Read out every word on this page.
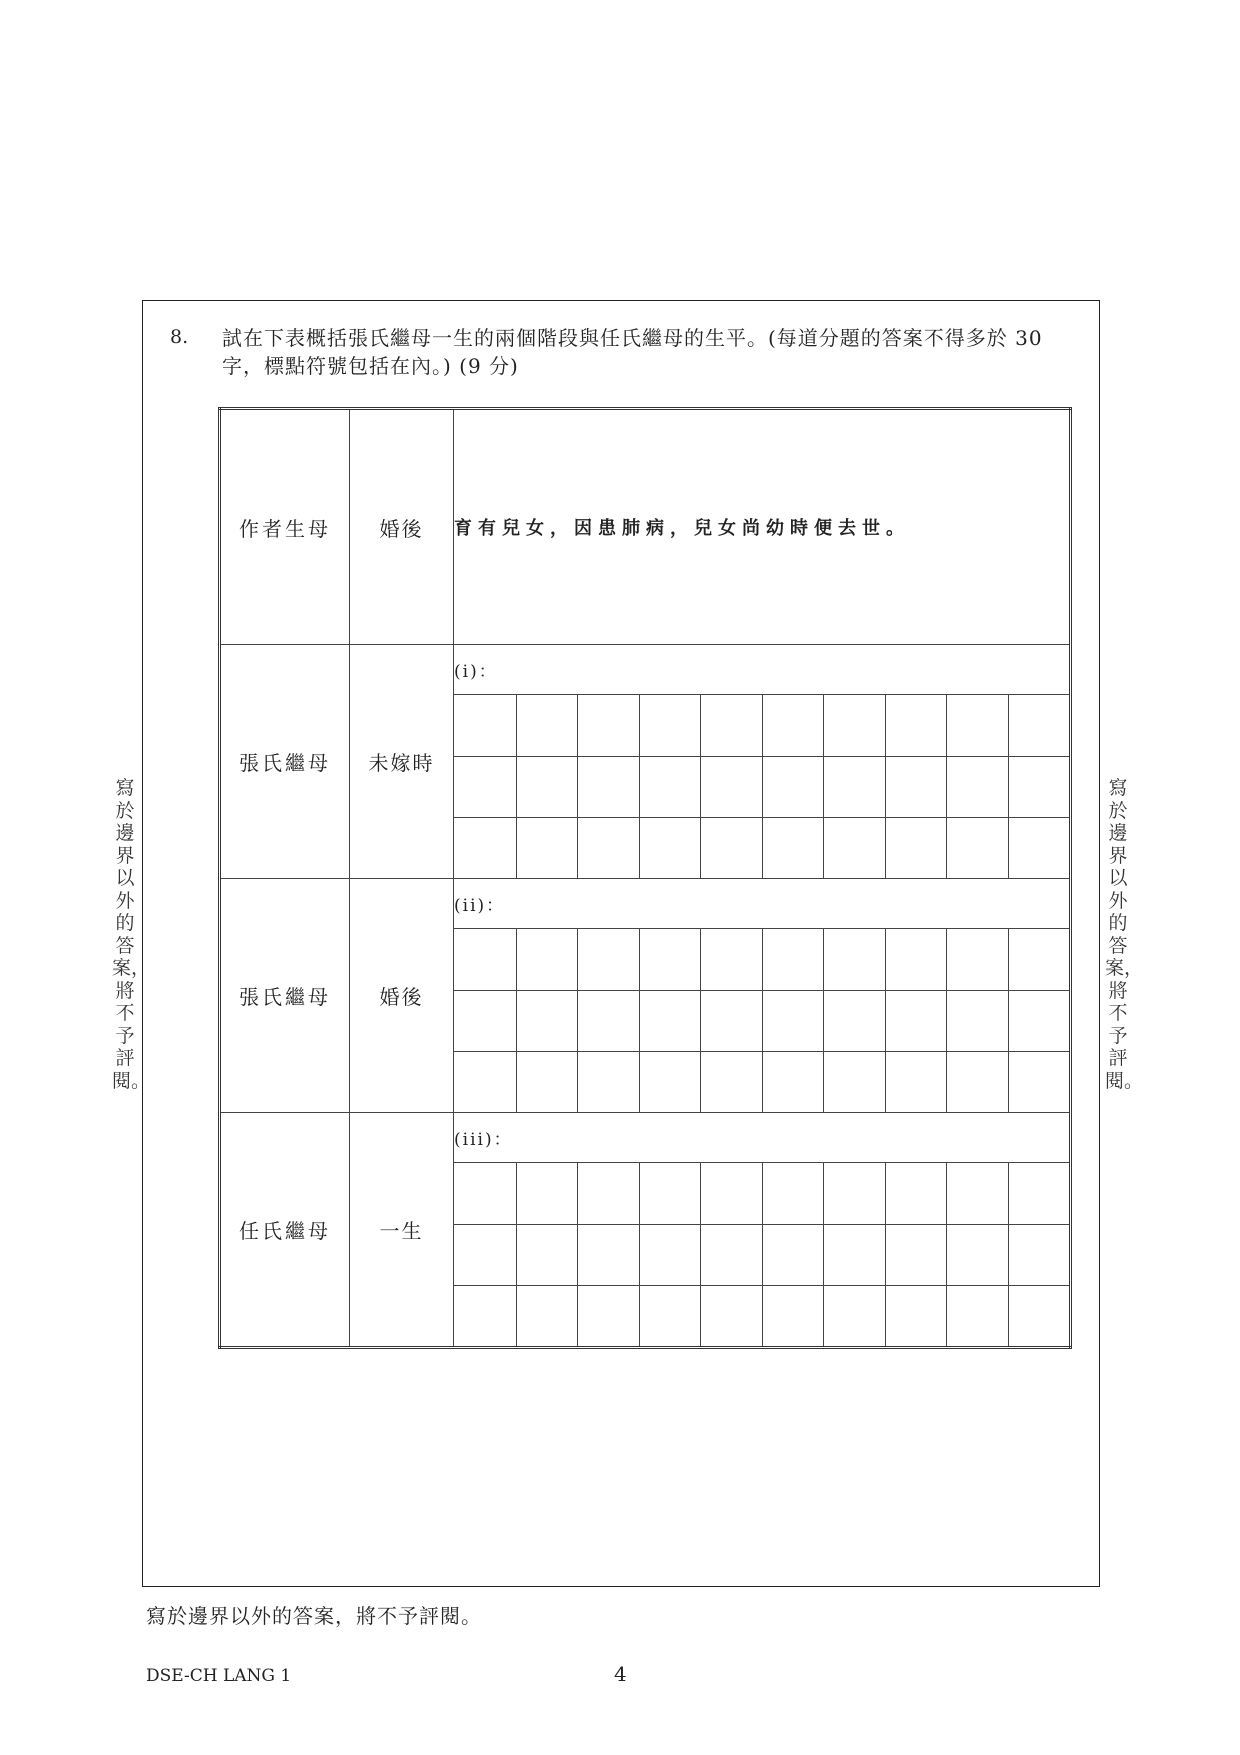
寫於邊界以外的答案，將不予評閱。
寫於邊界以外的答案，將不予評閱。
8. 試在下表概括張氏繼母一生的兩個階段與任氏繼母的生平。(每道分題的答案不得多於 30 字，標點符號包括在內。) (9 分)
作者生母	婚後	育有兒女，因患肺病，兒女尚幼時便去世。
張氏繼母	未嫁時	(i)：

張氏繼母	婚後	(ii)：

任氏繼母	一生	(iii)：

寫於邊界以外的答案，將不予評閱。
DSE-CH LANG 1	4
